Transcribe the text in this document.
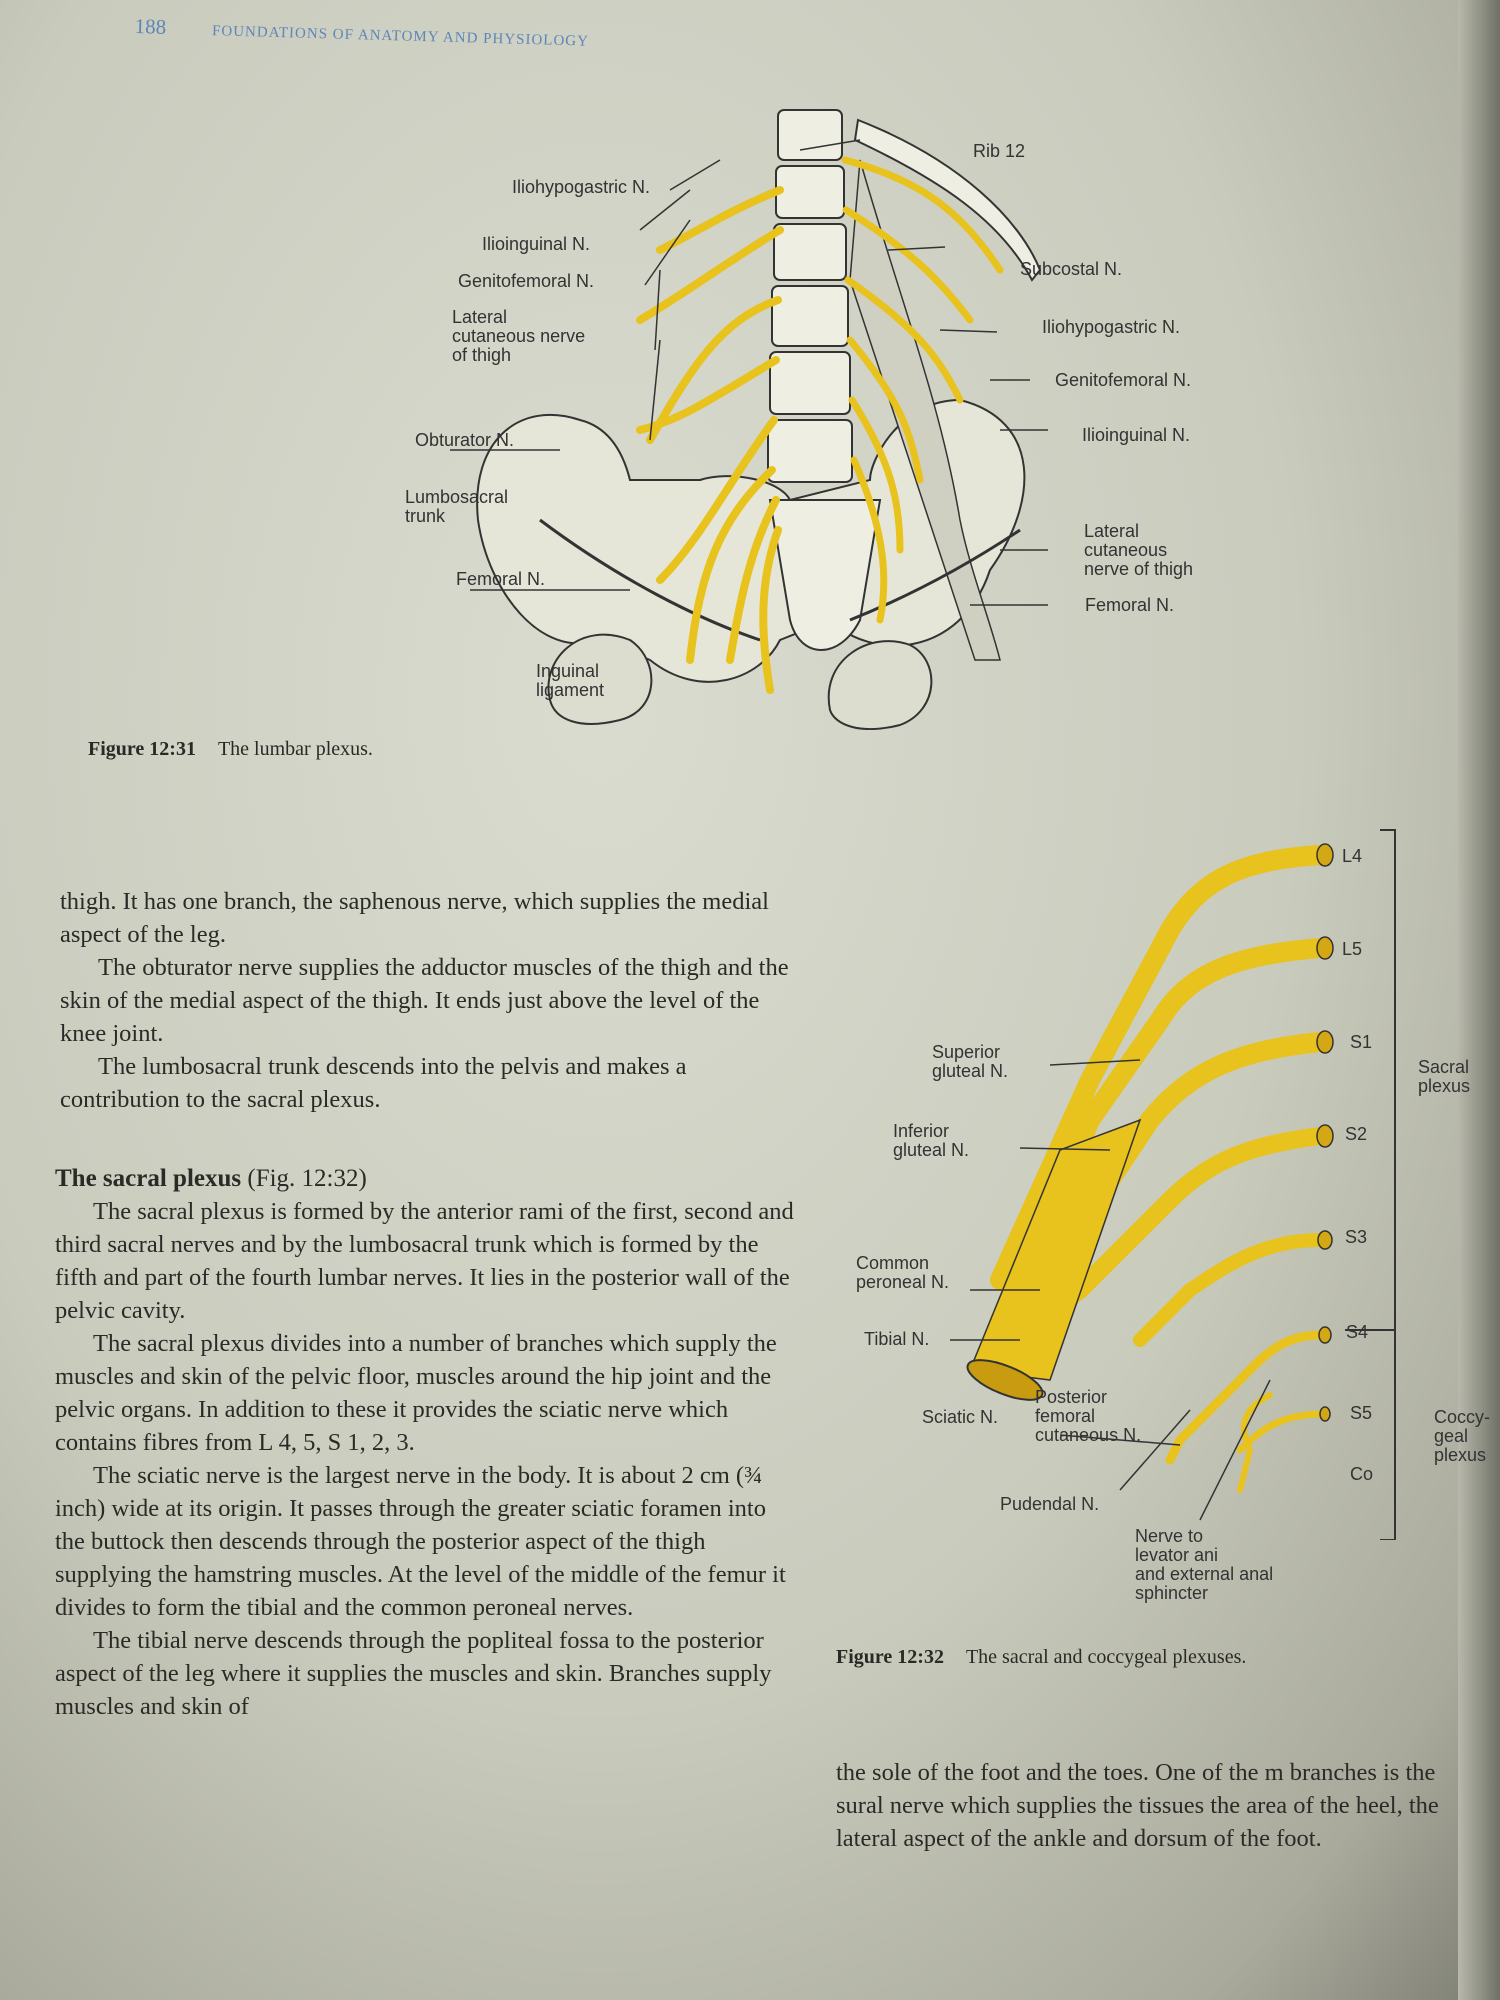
188	FOUNDATIONS OF ANATOMY AND PHYSIOLOGY
Iliohypogastric N.
Ilioinguinal N.
Genitofemoral N.
Lateral
cutaneous nerve
of thigh
Obturator N.
Lumbosacral
trunk
Femoral N.
Inguinal
ligament
Rib 12
Subcostal N.
Iliohypogastric N.
Genitofemoral N.
Ilioinguinal N.
Lateral
cutaneous
nerve of thigh
Femoral N.
Figure 12:31 The lumbar plexus.
L4
L5
S1
S2
S3
S4
S5
Co
Superior
gluteal N.
Inferior
gluteal N.
Common
peroneal N.
Tibial N.
Sciatic N.
Posterior
femoral
cutaneous N.
Pudendal N.
Nerve to
levator ani
and external anal
sphincter
Sacral
plexus
Coccy-
geal
plexus
Figure 12:32 The sacral and coccygeal plexuses.

thigh. It has one branch, the saphenous nerve, which supplies the medial aspect of the leg.

The obturator nerve supplies the adductor muscles of the thigh and the skin of the medial aspect of the thigh. It ends just above the level of the knee joint.

The lumbosacral trunk descends into the pelvis and makes a contribution to the sacral plexus.

The sacral plexus (Fig. 12:32)

The sacral plexus is formed by the anterior rami of the first, second and third sacral nerves and by the lumbosacral trunk which is formed by the fifth and part of the fourth lumbar nerves. It lies in the posterior wall of the pelvic cavity.

The sacral plexus divides into a number of branches which supply the muscles and skin of the pelvic floor, muscles around the hip joint and the pelvic organs. In addition to these it provides the sciatic nerve which contains fibres from L 4, 5, S 1, 2, 3.

The sciatic nerve is the largest nerve in the body. It is about 2 cm (¾ inch) wide at its origin. It passes through the greater sciatic foramen into the buttock then descends through the posterior aspect of the thigh supplying the hamstring muscles. At the level of the middle of the femur it divides to form the tibial and the common peroneal nerves.

The tibial nerve descends through the popliteal fossa to the posterior aspect of the leg where it supplies the muscles and skin. Branches supply muscles and skin of

the sole of the foot and the toes. One of the m branches is the sural nerve which supplies the tissues the area of the heel, the lateral aspect of the ankle and dorsum of the foot.
